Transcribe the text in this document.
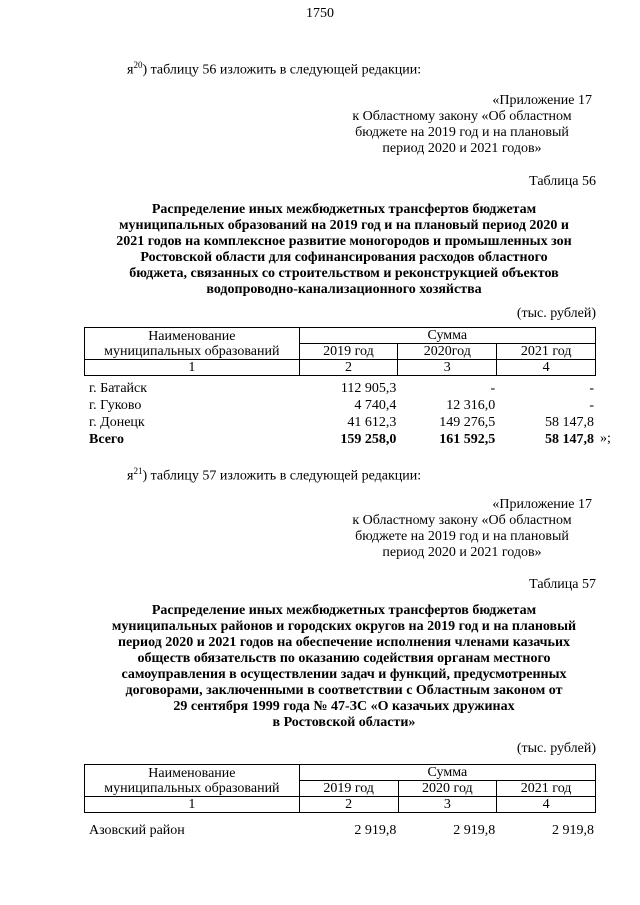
1750
$я^{20}$) таблицу 56 изложить в следующей редакции:
«Приложение 17
к Областному закону «Об областном
бюджете на 2019 год и на плановый
период 2020 и 2021 годов»
Таблица 56
Распределение иных межбюджетных трансфертов бюджетам
муниципальных образований на 2019 год и на плановый период 2020 и
2021 годов на комплексное развитие моногородов и промышленных зон
Ростовской области для софинансирования расходов областного
бюджета, связанных со строительством и реконструкцией объектов
водопроводно-канализационного хозяйства
(тыс. рублей)
Наименование
муниципальных образований	Сумма		
	2019 год	2020год	2021 год
1	2	3	4
г. Батайск	112 905,3	-	-
г. Гуково	4 740,4	12 316,0	-
г. Донецк	41 612,3	149 276,5	58 147,8
Всего	159 258,0	161 592,5	58 147,8 »;
$я^{21}$) таблицу 57 изложить в следующей редакции:
«Приложение 17
к Областному закону «Об областном
бюджете на 2019 год и на плановый
период 2020 и 2021 годов»
Таблица 57
Распределение иных межбюджетных трансфертов бюджетам
муниципальных районов и городских округов на 2019 год и на плановый
период 2020 и 2021 годов на обеспечение исполнения членами казачьих
обществ обязательств по оказанию содействия органам местного
самоуправления в осуществлении задач и функций, предусмотренных
договорами, заключенными в соответствии с Областным законом от
29 сентября 1999 года № 47-ЗС «О казачьих дружинах
в Ростовской области»
(тыс. рублей)
Наименование
муниципальных образований	Сумма		
	2019 год	2020 год	2021 год
1	2	3	4
Азовский район	2 919,8	2 919,8	2 919,8
